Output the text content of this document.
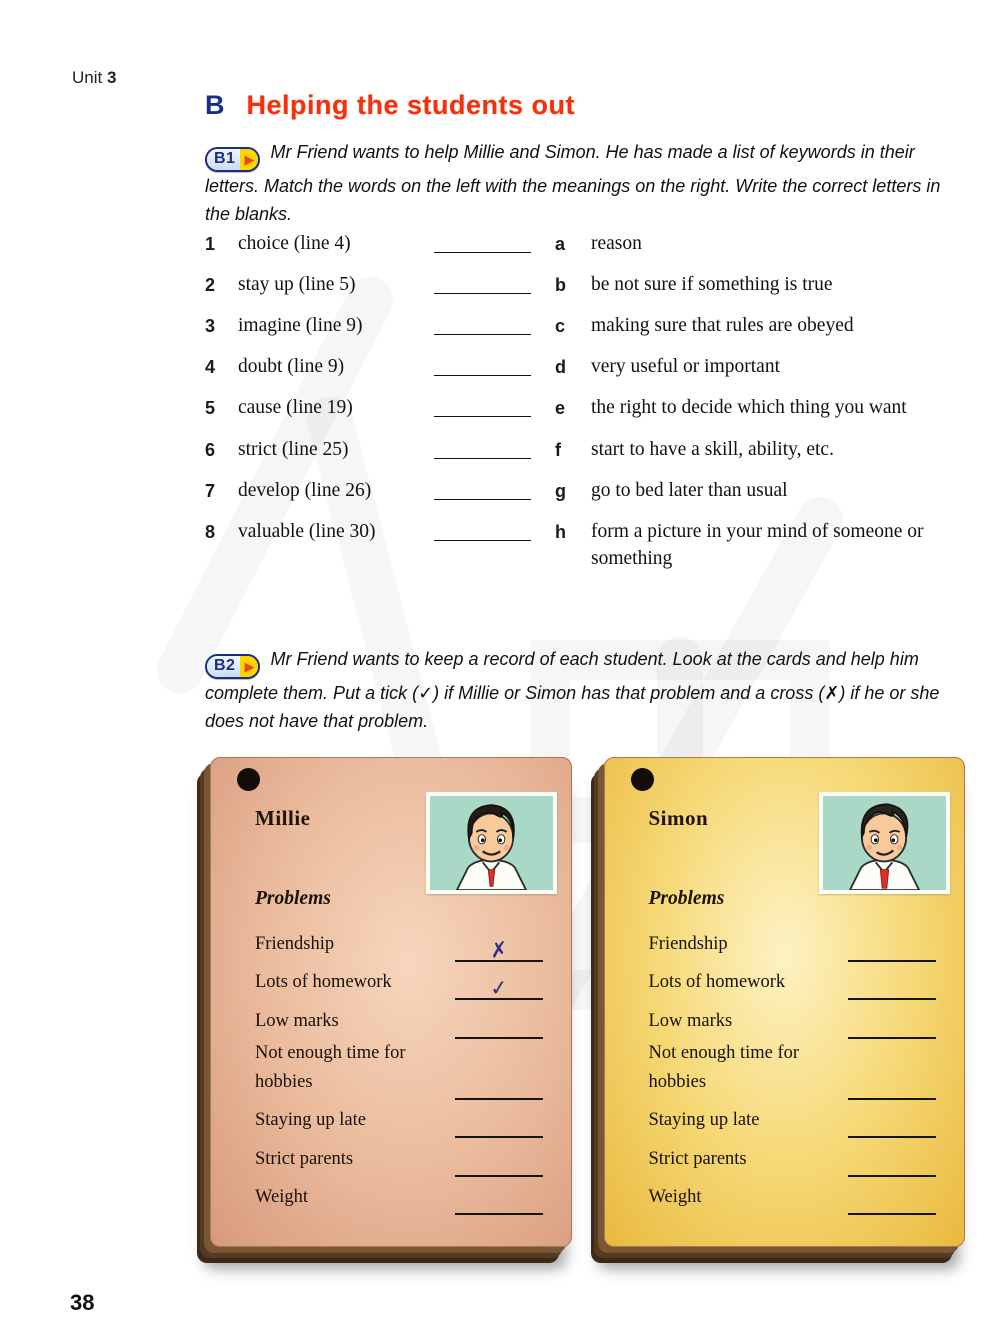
Unit 3
B Helping the students out
B1 ▶ Mr Friend wants to help Millie and Simon. He has made a list of keywords in their letters. Match the words on the left with the meanings on the right. Write the correct letters in the blanks.
1	choice (line 4)	a	reason
2	stay up (line 5)	b	be not sure if something is true
3	imagine (line 9)	c	making sure that rules are obeyed
4	doubt (line 9)	d	very useful or important
5	cause (line 19)	e	the right to decide which thing you want
6	strict (line 25)	f	start to have a skill, ability, etc.
7	develop (line 26)	g	go to bed later than usual
8	valuable (line 30)	h	form a picture in your mind of someone or something
B2 ▶ Mr Friend wants to keep a record of each student. Look at the cards and help him complete them. Put a tick (✓) if Millie or Simon has that problem and a cross (✗) if he or she does not have that problem.
Millie
Problems
Friendship	✗
Lots of homework	✓
Low marks
Not enough time for hobbies
Staying up late
Strict parents
Weight
Simon
Problems
Friendship
Lots of homework
Low marks
Not enough time for hobbies
Staying up late
Strict parents
Weight
38
